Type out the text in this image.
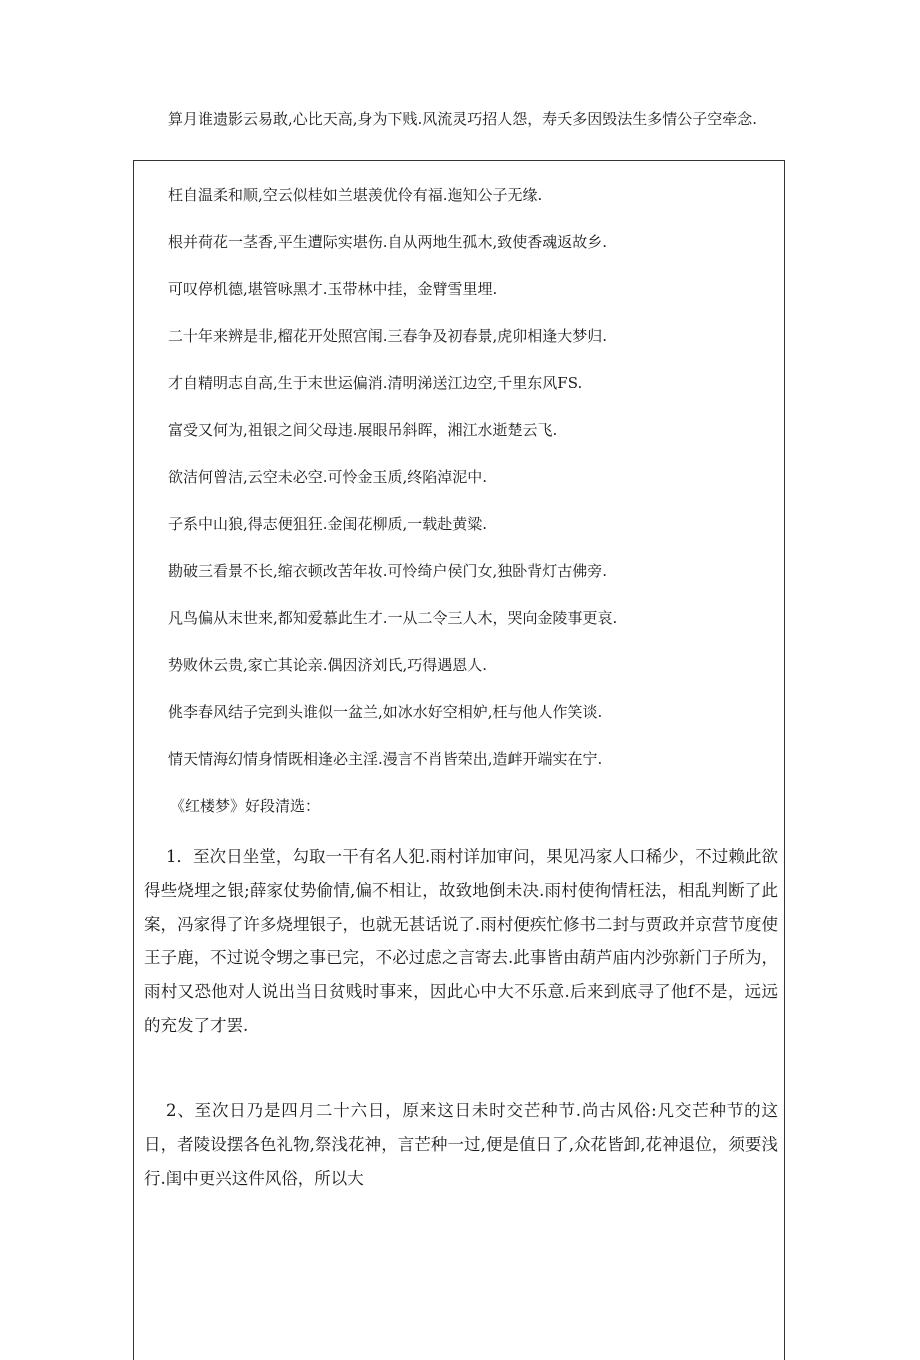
算月谁遗影云易敢,心比天高,身为下贱.风流灵巧招人怨，寿夭多因毁法生多情公子空牵念.
枉自温柔和顺,空云似桂如兰堪羡优伶有福.迤知公子无缘.
根并荷花一茎香,平生遭际实堪伤.自从两地生孤木,致使香魂返故乡.
可叹停机德,堪管咏黑才.玉带林中挂，金臂雪里埋.
二十年来辨是非,榴花开处照宫闱.三春争及初春景,虎卯相逢大梦归.
才自精明志自高,生于末世运偏消.清明涕送江边空,千里东风FS.
富受又何为,祖银之间父母违.展眼吊斜晖，湘江水逝楚云飞.
欲洁何曾洁,云空未必空.可怜金玉质,终陷淖泥中.
子系中山狼,得志便狙狂.金闺花柳质,一载赴黄粱.
勘破三看景不长,缩衣顿改苦年妆.可怜绮户侯门女,独卧背灯古佛旁.
凡鸟偏从末世来,都知爱慕此生才.一从二令三人木，哭向金陵事更哀.
势败休云贵,家亡其论亲.偶因济刘氏,巧得遇恩人.
佻李春风结子完到头谁似一盆兰,如冰水好空相妒,枉与他人作笑谈.
情天情海幻情身情既相逢必主淫.漫言不肖皆荣出,造衅开端实在宁.
《红楼梦》好段清选：

1．至次日坐堂，勾取一干有名人犯.雨村详加审问，果见冯家人口稀少，不过赖此欲得些烧埋之银;薛家仗势偷情,偏不相让，故致地倒未决.雨村使徇情枉法，相乱判断了此案，冯家得了许多烧埋银子，也就无甚话说了.雨村便疾忙修书二封与贾政并京营节度使王子鹿，不过说令甥之事已完，不必过虑之言寄去.此事皆由葫芦庙内沙弥新门子所为，雨村又恐他对人说出当日贫贱时事来，因此心中大不乐意.后来到底寻了他f不是，远远的充发了才罢.

2、至次日乃是四月二十六日，原来这日未时交芒种节.尚古风俗:凡交芒种节的这日，者陵设摆各色礼物,祭浅花神，言芒种一过,便是值日了,众花皆卸,花神退位，须要浅行.闺中更兴这件风俗，所以大
